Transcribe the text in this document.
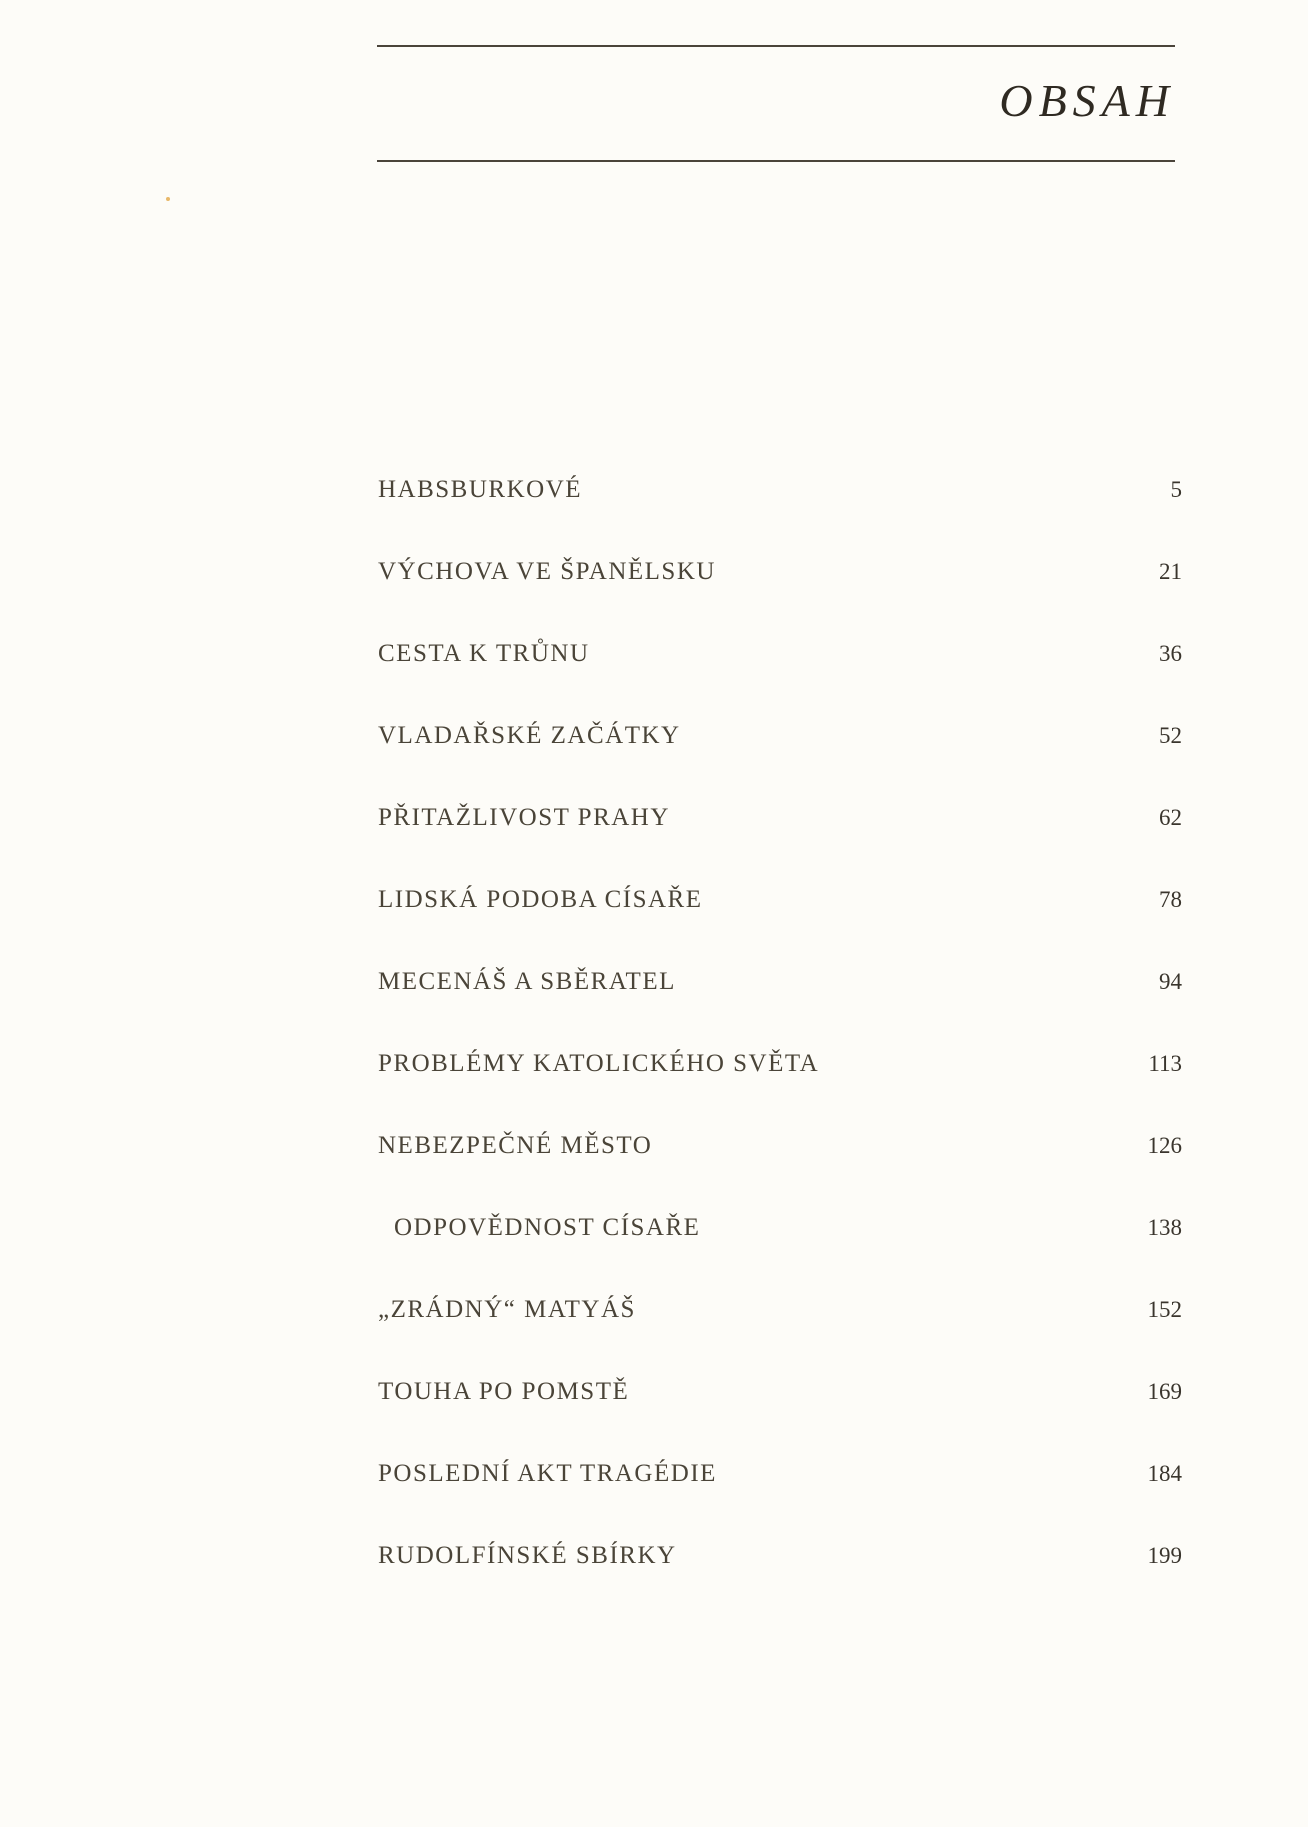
OBSAH
HABSBURKOVÉ	5
VÝCHOVA VE ŠPANĚLSKU	21
CESTA K TRŮNU	36
VLADAŘSKÉ ZAČÁTKY	52
PŘITAŽLIVOST PRAHY	62
LIDSKÁ PODOBA CÍSAŘE	78
MECENÁŠ A SBĚRATEL	94
PROBLÉMY KATOLICKÉHO SVĚTA	113
NEBEZPEČNÉ MĚSTO	126
ODPOVĚDNOST CÍSAŘE	138
„ZRÁDNÝ“ MATYÁŠ	152
TOUHA PO POMSTĚ	169
POSLEDNÍ AKT TRAGÉDIE	184
RUDOLFÍNSKÉ SBÍRKY	199
